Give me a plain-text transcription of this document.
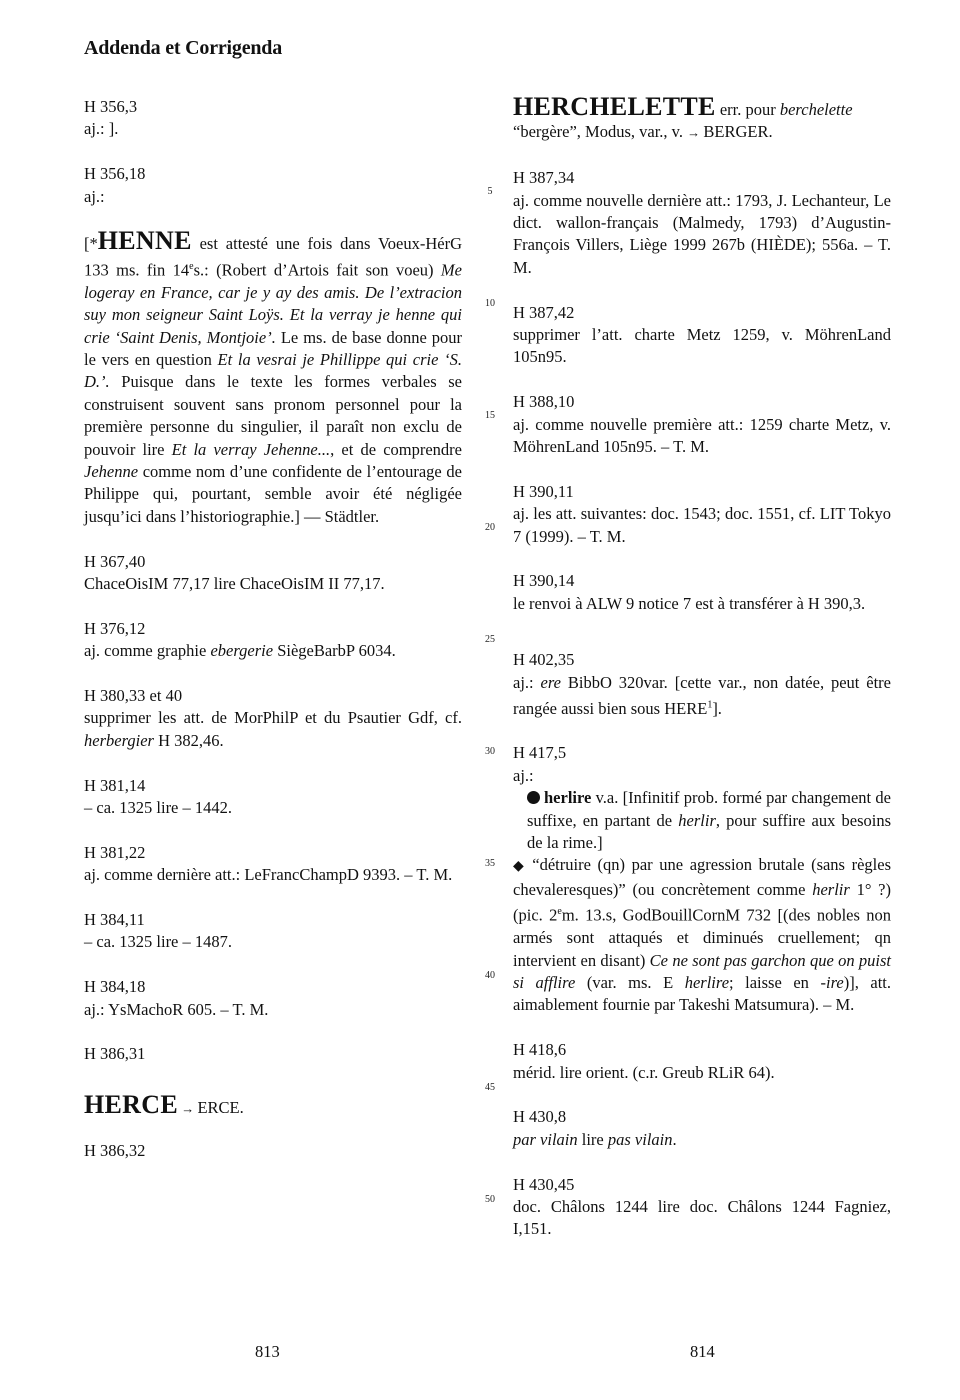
Addenda et Corrigenda
H 356,3
aj.: ].
H 356,18
aj.:
[*HENNE est attesté une fois dans Voeux-HérG 133 ms. fin 14es.: (Robert d’Artois fait son voeu) Me logeray en France, car je y ay des amis. De l’extracion suy mon seigneur Saint Loÿs. Et la verray je henne qui crie ‘Saint Denis, Montjoie’. Le ms. de base donne pour le vers en question Et la vesrai je Phillippe qui crie ‘S. D.’. Puisque dans le texte les formes verbales se construisent souvent sans pronom personnel pour la première personne du singulier, il paraît non exclu de pouvoir lire Et la verray Jehenne..., et de comprendre Jehenne comme nom d’une confidente de l’entourage de Philippe qui, pourtant, semble avoir été négligée jusqu’ici dans l’historiographie.] — Städtler.
H 367,40
ChaceOisIM 77,17 lire ChaceOisIM II 77,17.
H 376,12
aj. comme graphie ebergerie SiègeBarbP 6034.
H 380,33 et 40
supprimer les att. de MorPhilP et du Psautier Gdf, cf. herbergier H 382,46.
H 381,14
– ca. 1325 lire – 1442.
H 381,22
aj. comme dernière att.: LeFrancChampD 9393. – T. M.
H 384,11
– ca. 1325 lire – 1487.
H 384,18
aj.: YsMachoR 605. – T. M.
H 386,31
HERCE → ERCE.
H 386,32
5
10
15
20
25
30
35
40
45
50
HERCHELETTE err. pour berchelette
“bergère”, Modus, var., v. → BERGER.
H 387,34
aj. comme nouvelle dernière att.: 1793, J. Lechanteur, Le dict. wallon-français (Malmedy, 1793) d’Augustin-François Villers, Liège 1999 267b (HIÈDE); 556a. – T. M.
H 387,42
supprimer l’att. charte Metz 1259, v. MöhrenLand 105n95.
H 388,10
aj. comme nouvelle première att.: 1259 charte Metz, v. MöhrenLand 105n95. – T. M.
H 390,11
aj. les att. suivantes: doc. 1543; doc. 1551, cf. LIT Tokyo 7 (1999). – T. M.
H 390,14
le renvoi à ALW 9 notice 7 est à transférer à H 390,3.
H 402,35
aj.: ere BibbO 320var. [cette var., non datée, peut être rangée aussi bien sous HERE$^1$].
H 417,5
aj.:
herlire v.a. [Infinitif prob. formé par changement de suffixe, en partant de herlir, pour suffire aux besoins de la rime.]
◆ “détruire (qn) par une agression brutale (sans règles chevaleresques)” (ou concrètement comme herlir 1° ?) (pic. 2em. 13.s, GodBouillCornM 732 [(des nobles non armés sont attaqués et diminués cruellement; qn intervient en disant) Ce ne sont pas garchon que on puist si afflire (var. ms. E herlire; laisse en -ire)], att. aimablement fournie par Takeshi Matsumura). – M.
H 418,6
mérid. lire orient. (c.r. Greub RLiR 64).
H 430,8
par vilain lire pas vilain.
H 430,45
doc. Châlons 1244 lire doc. Châlons 1244 Fagniez, I,151.
813	814
